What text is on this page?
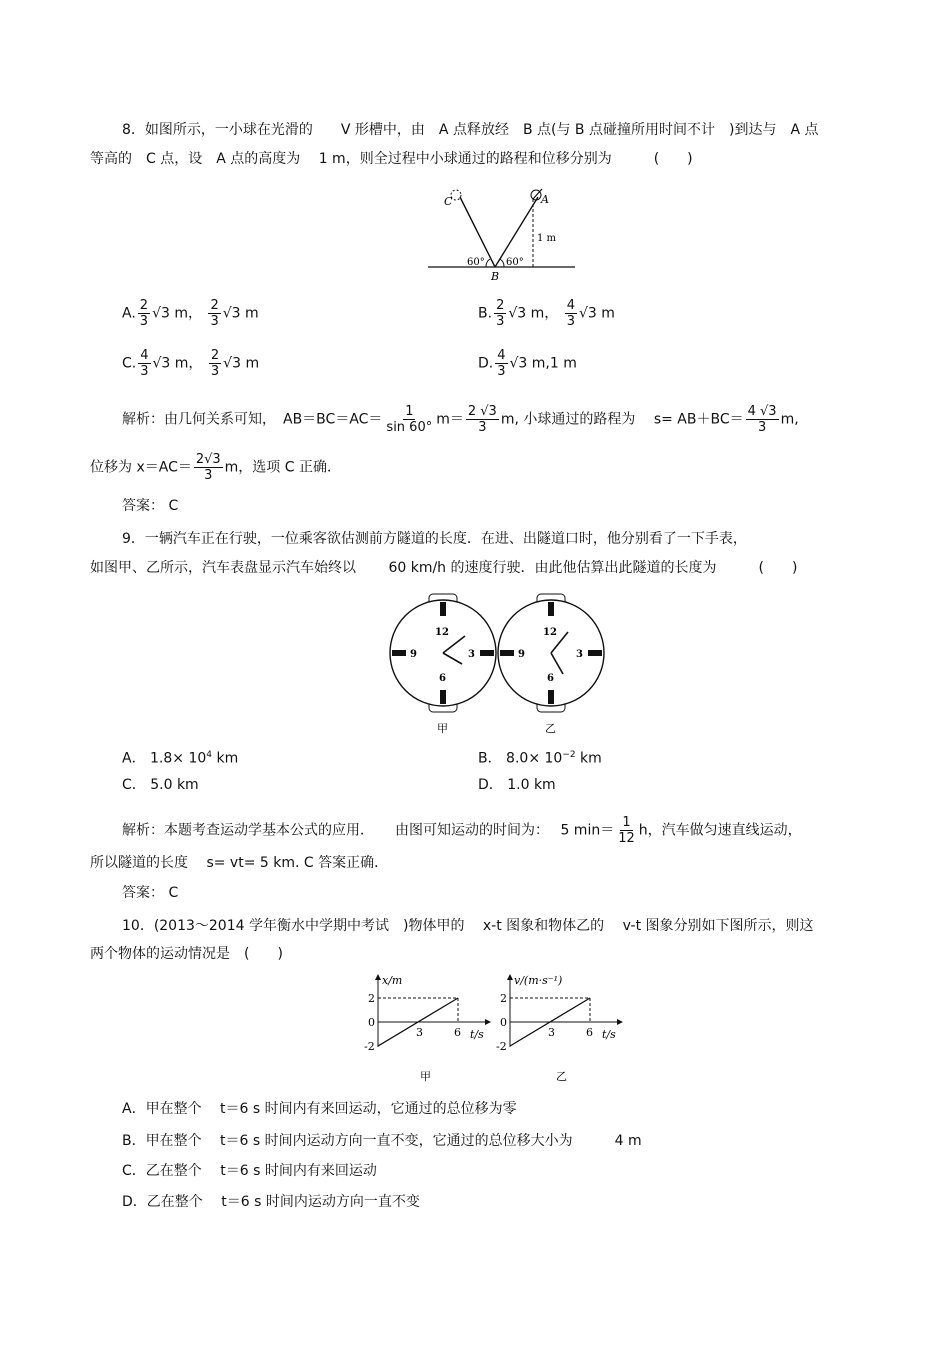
8．如图所示，一小球在光滑的　　V 形槽中，由　A 点释放经　B 点(与 B 点碰撞所用时间不计　)到达与　A 点
等高的　C 点，设　A 点的高度为　 1 m，则全过程中小球通过的路程和位移分别为　　　(　　)
C	A
B
60° 60°
1 m
A. $\frac{2}{3} √3$ m， $\frac{2}{3} √3$ m	B. $\frac{2}{3} √3$ m， $\frac{4}{3} √3$ m
C. $\frac{4}{3} √3$ m， $\frac{2}{3} √3$ m	D. $\frac{4}{3} √3$ m,1 m
解析：由几何关系可知，　$AB=BC=AC= \frac{1}{\sin 60^\circ} m= \frac{2 √3}{3} m$, 小球通过的路程为　 $s= AB+BC= \frac{4 √3}{3} m$,
位移为 $x=AC= \frac{2√3}{3}$ m，选项 C 正确．
答案： C
9．一辆汽车正在行驶，一位乘客欲估测前方隧道的长度．在进、出隧道口时，他分别看了一下手表，
如图甲、乙所示，汽车表盘显示汽车始终以　　 60 km/h 的速度行驶．由此他估算出此隧道的长度为　　　(　　)
12
3
6
9
甲
12
3
6
9
乙
A． $1.8\times 10^4$ km	B． $8.0\times 10^{-2}$ km
C． 5.0 km	D． 1.0 km
解析：本题考查运动学基本公式的应用．　　由图可知运动的时间为：　 5 $\min= \frac{1}{12}$ h，汽车做匀速直线运动，
所以隧道的长度　 s= vt= 5 km. C 答案正确．
答案： C
10．(2013～2014 学年衡水中学期中考试　)物体甲的　 x-t 图象和物体乙的　 v-t 图象分别如下图所示，则这
两个物体的运动情况是　(　　)
x/m
t/s
2
0
-2
3	6
甲
v/(m·s⁻¹)
t/s
2
0
-2
3	6
乙
A．甲在整个　 t＝6 s 时间内有来回运动，它通过的总位移为零
B．甲在整个　 t＝6 s 时间内运动方向一直不变，它通过的总位移大小为　　　4 m
C．乙在整个　 t＝6 s 时间内有来回运动
D．乙在整个　 t＝6 s 时间内运动方向一直不变
